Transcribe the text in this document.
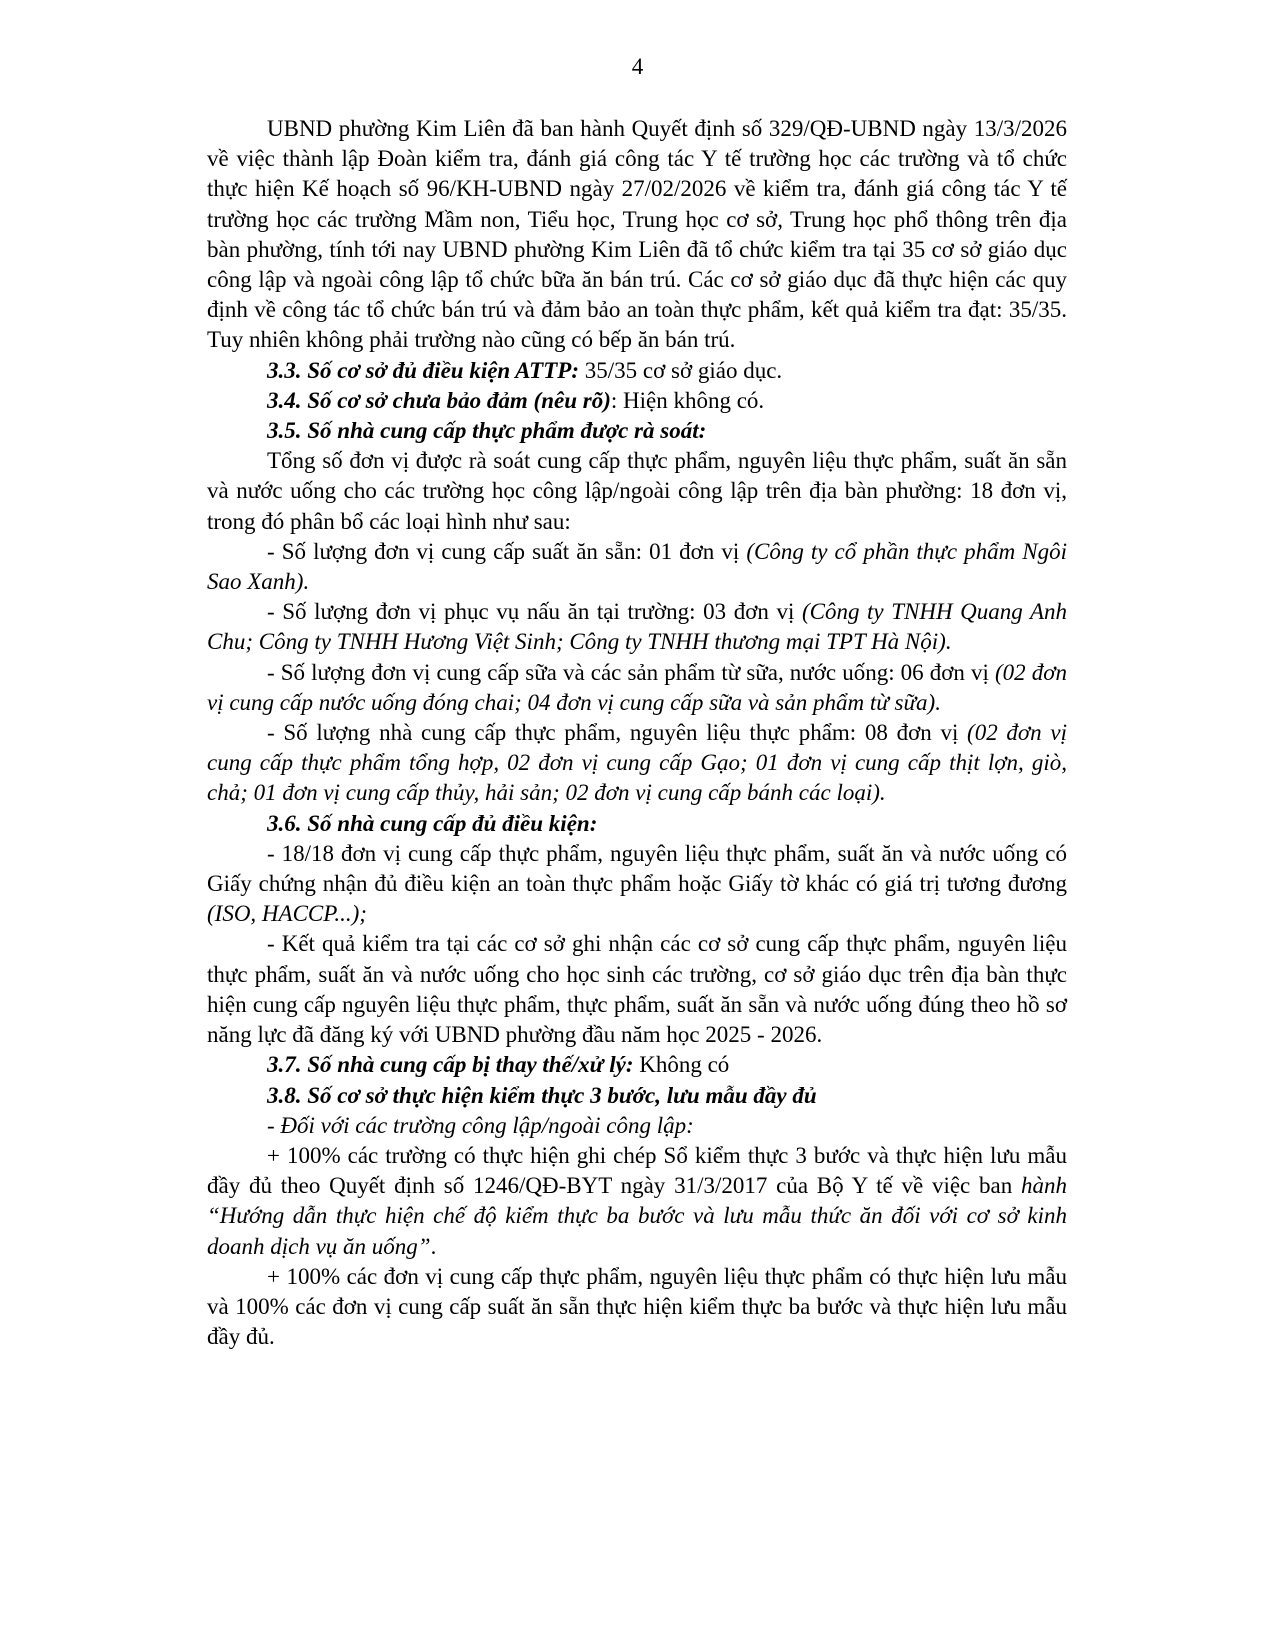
4

UBND phường Kim Liên đã ban hành Quyết định số 329/QĐ-UBND ngày 13/3/2026 về việc thành lập Đoàn kiểm tra, đánh giá công tác Y tế trường học các trường và tổ chức thực hiện Kế hoạch số 96/KH-UBND ngày 27/02/2026 về kiểm tra, đánh giá công tác Y tế trường học các trường Mầm non, Tiểu học, Trung học cơ sở, Trung học phổ thông trên địa bàn phường, tính tới nay UBND phường Kim Liên đã tổ chức kiểm tra tại 35 cơ sở giáo dục công lập và ngoài công lập tổ chức bữa ăn bán trú. Các cơ sở giáo dục đã thực hiện các quy định về công tác tổ chức bán trú và đảm bảo an toàn thực phẩm, kết quả kiểm tra đạt: 35/35. Tuy nhiên không phải trường nào cũng có bếp ăn bán trú.

3.3. Số cơ sở đủ điều kiện ATTP: 35/35 cơ sở giáo dục.

3.4. Số cơ sở chưa bảo đảm (nêu rõ): Hiện không có.

3.5. Số nhà cung cấp thực phẩm được rà soát:

Tổng số đơn vị được rà soát cung cấp thực phẩm, nguyên liệu thực phẩm, suất ăn sẵn và nước uống cho các trường học công lập/ngoài công lập trên địa bàn phường: 18 đơn vị, trong đó phân bổ các loại hình như sau:

- Số lượng đơn vị cung cấp suất ăn sẵn: 01 đơn vị (Công ty cổ phần thực phẩm Ngôi Sao Xanh).

- Số lượng đơn vị phục vụ nấu ăn tại trường: 03 đơn vị (Công ty TNHH Quang Anh Chu; Công ty TNHH Hương Việt Sinh; Công ty TNHH thương mại TPT Hà Nội).

- Số lượng đơn vị cung cấp sữa và các sản phẩm từ sữa, nước uống: 06 đơn vị (02 đơn vị cung cấp nước uống đóng chai; 04 đơn vị cung cấp sữa và sản phẩm từ sữa).

- Số lượng nhà cung cấp thực phẩm, nguyên liệu thực phẩm: 08 đơn vị (02 đơn vị cung cấp thực phẩm tổng hợp, 02 đơn vị cung cấp Gạo; 01 đơn vị cung cấp thịt lợn, giò, chả; 01 đơn vị cung cấp thủy, hải sản; 02 đơn vị cung cấp bánh các loại).

3.6. Số nhà cung cấp đủ điều kiện:

- 18/18 đơn vị cung cấp thực phẩm, nguyên liệu thực phẩm, suất ăn và nước uống có Giấy chứng nhận đủ điều kiện an toàn thực phẩm hoặc Giấy tờ khác có giá trị tương đương (ISO, HACCP...);

- Kết quả kiểm tra tại các cơ sở ghi nhận các cơ sở cung cấp thực phẩm, nguyên liệu thực phẩm, suất ăn và nước uống cho học sinh các trường, cơ sở giáo dục trên địa bàn thực hiện cung cấp nguyên liệu thực phẩm, thực phẩm, suất ăn sẵn và nước uống đúng theo hồ sơ năng lực đã đăng ký với UBND phường đầu năm học 2025 - 2026.

3.7. Số nhà cung cấp bị thay thế/xử lý: Không có

3.8. Số cơ sở thực hiện kiểm thực 3 bước, lưu mẫu đầy đủ

- Đối với các trường công lập/ngoài công lập:

+ 100% các trường có thực hiện ghi chép Sổ kiểm thực 3 bước và thực hiện lưu mẫu đầy đủ theo Quyết định số 1246/QĐ-BYT ngày 31/3/2017 của Bộ Y tế về việc ban hành “Hướng dẫn thực hiện chế độ kiểm thực ba bước và lưu mẫu thức ăn đối với cơ sở kinh doanh dịch vụ ăn uống”.

+ 100% các đơn vị cung cấp thực phẩm, nguyên liệu thực phẩm có thực hiện lưu mẫu và 100% các đơn vị cung cấp suất ăn sẵn thực hiện kiểm thực ba bước và thực hiện lưu mẫu đầy đủ.
